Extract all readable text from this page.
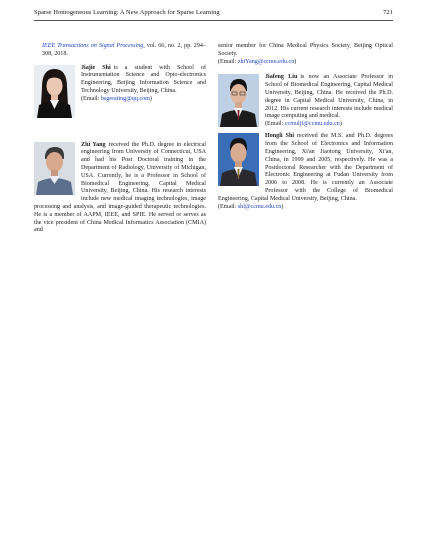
Sparse Homogeneous Learning: A New Approach for Sparse Learning	721

IEEE Transactions on Signal Processing, vol. 66, no. 2, pp. 294–308, 2018.

Jiajie Shi is a student with School of Instrumentation Science and Opto-electronics Engineering, Beijing Information Science and Technology University, Beijing, China.
(Email: bsgreating@qq.com)

Zhi Yang received the Ph.D. degree in electrical engineering from University of Connecticut, USA and had his Post Doctoral training in the Department of Radiology, University of Michigan, USA. Currently, he is a Professor in School of Biomedical Engineering, Capital Medical University, Beijing, China. His research interests include new medical imaging technologies, image processing and analysis, and image-guided therapeutic technologies. He is a member of AAPM, IEEE, and SPIE. He served or serves as the vice president of China Medical Informatics Association (CMIA) and

senior member for China Medical Physics Society, Beijing Optical Society.
(Email: zhiYang@ccmu.edu.cn)

Jiafeng Liu is now an Associate Professor in School of Biomedical Engineering, Capital Medical University, Beijing, China. He received the Ph.D. degree in Capital Medical University, China, in 2012. His current research interests include medical image computing and medical.
(Email: ccmuljf@ccmu.edu.cn)

Hongli Shi received the M.S. and Ph.D. degrees from the School of Electronics and Information Engineering, Xi'an Jiaotong University, Xi'an, China, in 1999 and 2005, respectively. He was a Postdoctoral Researcher with the Department of Electronic Engineering at Fudan University from 2006 to 2008. He is currently an Associate Professor with the College of Biomedical Engineering, Capital Medical University, Beijing, China.
(Email: shl@ccmu.edu.cn)
